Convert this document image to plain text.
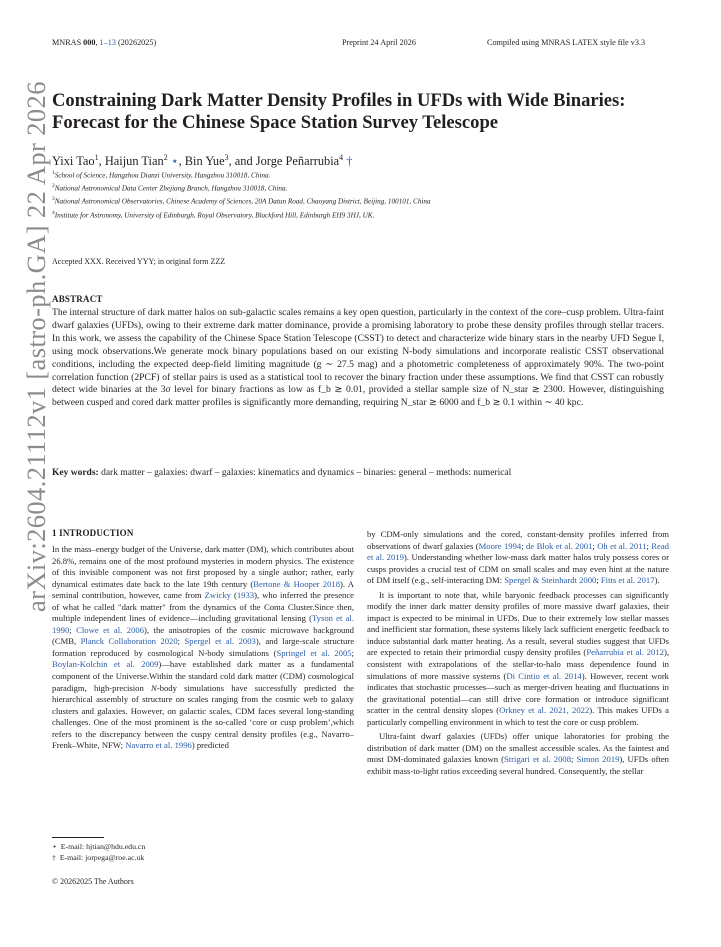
MNRAS 000, 1–13 (20262025)	Preprint 24 April 2026	Compiled using MNRAS LATEX style file v3.3
arXiv:2604.21112v1 [astro-ph.GA] 22 Apr 2026 Constraining Dark Matter Density Profiles in UFDs with Wide Binaries:
Forecast for the Chinese Space Station Survey Telescope
Yixi Tao$^1$, Haijun Tian$^2$ ⋆, Bin Yue$^3$, and Jorge Peñarrubia$^4$ †
$^1$School of Science, Hangzhou Dianzi University, Hangzhou 310018, China.
$^2$National Astronomical Data Center Zhejiang Branch, Hangzhou 310018, China.
$^3$National Astronomical Observatories, Chinese Academy of Sciences, 20A Datun Road, Chaoyang District, Beijing, 100101, China
$^4$Institute for Astronomy, University of Edinburgh, Royal Observatory, Blackford Hill, Edinburgh EH9 3HJ, UK.
Accepted XXX. Received YYY; in original form ZZZ
ABSTRACT
The internal structure of dark matter halos on sub-galactic scales remains a key open question, particularly in the context of the core–cusp problem. Ultra-faint dwarf galaxies (UFDs), owing to their extreme dark matter dominance, provide a promising laboratory to probe these density profiles through stellar tracers. In this work, we assess the capability of the Chinese Space Station Telescope (CSST) to detect and characterize wide binary stars in the nearby UFD Segue I, using mock observations.We generate mock binary populations based on our existing N-body simulations and incorporate realistic CSST observational conditions, including the expected deep-field limiting magnitude (g ∼ 27.5 mag) and a photometric completeness of approximately 90%. The two-point correlation function (2PCF) of stellar pairs is used as a statistical tool to recover the binary fraction under these assumptions. We find that CSST can robustly detect wide binaries at the 3σ level for binary fractions as low as f_b ≳ 0.01, provided a stellar sample size of N_star ≳ 2300. However, distinguishing between cusped and cored dark matter profiles is significantly more demanding, requiring N_star ≳ 6000 and f_b ≳ 0.1 within ∼ 40 kpc.
Key words: dark matter – galaxies: dwarf – galaxies: kinematics and dynamics – binaries: general – methods: numerical
1 INTRODUCTION

In the mass–energy budget of the Universe, dark matter (DM), which contributes about 26.8%, remains one of the most profound mysteries in modern physics. The existence of this invisible component was not first proposed by a single author; rather, early dynamical estimates date back to the late 19th century (Bertone & Hooper 2018). A seminal contribution, however, came from Zwicky (1933), who inferred the presence of what he called "dark matter" from the dynamics of the Coma Cluster.Since then, multiple independent lines of evidence—including gravitational lensing (Tyson et al. 1990; Clowe et al. 2006), the anisotropies of the cosmic microwave background (CMB, Planck Collaboration 2020; Spergel et al. 2003), and large-scale structure formation reproduced by cosmological N-body simulations (Springel et al. 2005; Boylan-Kolchin et al. 2009)—have established dark matter as a fundamental component of the Universe.Within the standard cold dark matter (CDM) cosmological paradigm, high-precision N-body simulations have successfully predicted the hierarchical assembly of structure on scales ranging from the cosmic web to galaxy clusters and galaxies. However, on galactic scales, CDM faces several long-standing challenges. One of the most prominent is the so-called ‘core or cusp problem’,which refers to the discrepancy between the cuspy central density profiles (e.g., Navarro–Frenk–White, NFW; Navarro et al. 1996) predicted

by CDM-only simulations and the cored, constant-density profiles inferred from observations of dwarf galaxies (Moore 1994; de Blok et al. 2001; Oh et al. 2011; Read et al. 2019). Understanding whether low-mass dark matter halos truly possess cores or cusps provides a crucial test of CDM on small scales and may even hint at the nature of DM itself (e.g., self-interacting DM: Spergel & Steinhardt 2000; Fitts et al. 2017).

It is important to note that, while baryonic feedback processes can significantly modify the inner dark matter density profiles of more massive dwarf galaxies, their impact is expected to be minimal in UFDs. Due to their extremely low stellar masses and inefficient star formation, these systems likely lack sufficient energetic feedback to induce substantial dark matter heating. As a result, several studies suggest that UFDs are expected to retain their primordial cuspy density profiles (Peñarrubia et al. 2012), consistent with extrapolations of the stellar-to-halo mass dependence found in simulations of more massive systems (Di Cintio et al. 2014). However, recent work indicates that stochastic processes—such as merger-driven heating and fluctuations in the gravitational potential—can still drive core formation or introduce significant scatter in the central density slopes (Orkney et al. 2021, 2022). This makes UFDs a particularly compelling environment in which to test the core or cusp problem.

Ultra-faint dwarf galaxies (UFDs) offer unique laboratories for probing the distribution of dark matter (DM) on the smallest accessible scales. As the faintest and most DM-dominated galaxies known (Strigari et al. 2008; Simon 2019), UFDs often exhibit mass-to-light ratios exceeding several hundred. Consequently, the stellar

⋆ E-mail: hjtian@hdu.edu.cn
† E-mail: jorpega@roe.ac.uk
© 20262025 The Authors
